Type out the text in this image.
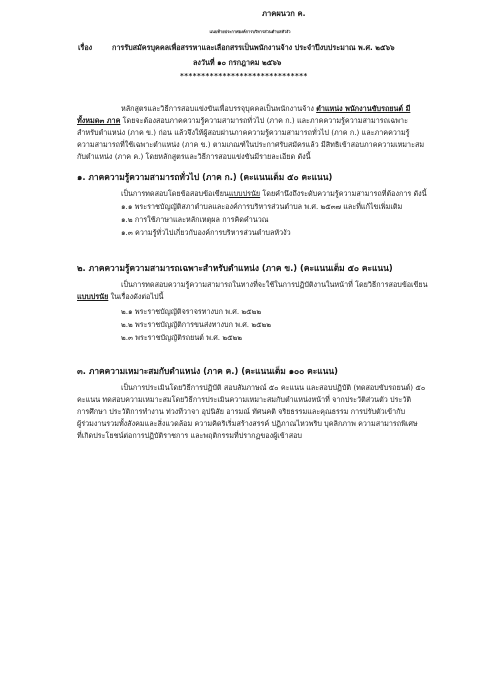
ภาคผนวก ค.
แนบท้ายประกาศองค์การบริหารส่วนตำบลหัวงัว
เรื่อง	การรับสมัครบุคคลเพื่อสรรหาและเลือกสรรเป็นพนักงานจ้าง ประจำปีงบประมาณ พ.ศ. ๒๕๖๖
ลงวันที่ ๑๐ กรกฎาคม ๒๕๖๖
******************************
หลักสูตรและวิธีการสอบแข่งขันเพื่อบรรจุบุคคลเป็นพนักงานจ้าง ตำแหน่ง พนักงานขับรถยนต์ มี
ทั้งหมด๓ ภาค โดยจะต้องสอบภาคความรู้ความสามารถทั่วไป (ภาค ก.) และภาคความรู้ความสามารถเฉพาะ
สำหรับตำแหน่ง (ภาค ข.) ก่อน แล้วจึงให้ผู้สอบผ่านภาคความรู้ความสามารถทั่วไป (ภาค ก.) และภาคความรู้
ความสามารถที่ใช้เฉพาะตำแหน่ง (ภาค ข.) ตามเกณฑ์ในประกาศรับสมัครแล้ว มีสิทธิเข้าสอบภาคความเหมาะสม
กับตำแหน่ง (ภาค ค.) โดยหลักสูตรและวิธีการสอบแข่งขันมีรายละเอียด ดังนี้
๑. ภาคความรู้ความสามารถทั่วไป (ภาค ก.) (คะแนนเต็ม ๕๐ คะแนน)
เป็นการทดสอบโดยข้อสอบข้อเขียนแบบปรนัย โดยคำนึงถึงระดับความรู้ความสามารถที่ต้องการ ดังนี้
๑.๑ พระราชบัญญัติสภาตำบลและองค์การบริหารส่วนตำบล พ.ศ. ๒๕๓๗ และที่แก้ไขเพิ่มเติม
๑.๒ การใช้ภาษาและหลักเหตุผล การคิดคำนวณ
๑.๓ ความรู้ทั่วไปเกี่ยวกับองค์การบริหารส่วนตำบลหัวงัว
๒. ภาคความรู้ความสามารถเฉพาะสำหรับตำแหน่ง (ภาค ข.) (คะแนนเต็ม ๕๐ คะแนน)
เป็นการทดสอบความรู้ความสามารถในทางที่จะใช้ในการปฏิบัติงานในหน้าที่ โดยวิธีการสอบข้อเขียน
แบบปรนัย ในเรื่องดังต่อไปนี้
๒.๑ พระราชบัญญัติจราจรทางบก พ.ศ. ๒๕๒๒
๒.๒ พระราชบัญญัติการขนส่งทางบก พ.ศ. ๒๕๒๒
๒.๓ พระราชบัญญัติรถยนต์ พ.ศ. ๒๕๒๒
๓. ภาคความเหมาะสมกับตำแหน่ง (ภาค ค.) (คะแนนเต็ม ๑๐๐ คะแนน)
เป็นการประเมินโดยวิธีการปฏิบัติ สอบสัมภาษณ์ ๕๐ คะแนน และสอบปฏิบัติ (ทดสอบขับรถยนต์) ๕๐
คะแนน ทดสอบความเหมาะสมโดยวิธีการประเมินความเหมาะสมกับตำแหน่งหน้าที่ จากประวัติส่วนตัว ประวัติ
การศึกษา ประวัติการทำงาน ท่วงทีวาจา อุปนิสัย อารมณ์ ทัศนคติ จริยธรรมและคุณธรรม การปรับตัวเข้ากับ
ผู้ร่วมงานรวมทั้งสังคมและสิ่งแวดล้อม ความคิดริเริ่มสร้างสรรค์ ปฏิภาณไหวพริบ บุคลิกภาพ ความสามารถพิเศษ
ที่เกิดประโยชน์ต่อการปฏิบัติราชการ และพฤติกรรมที่ปรากฏของผู้เข้าสอบ
